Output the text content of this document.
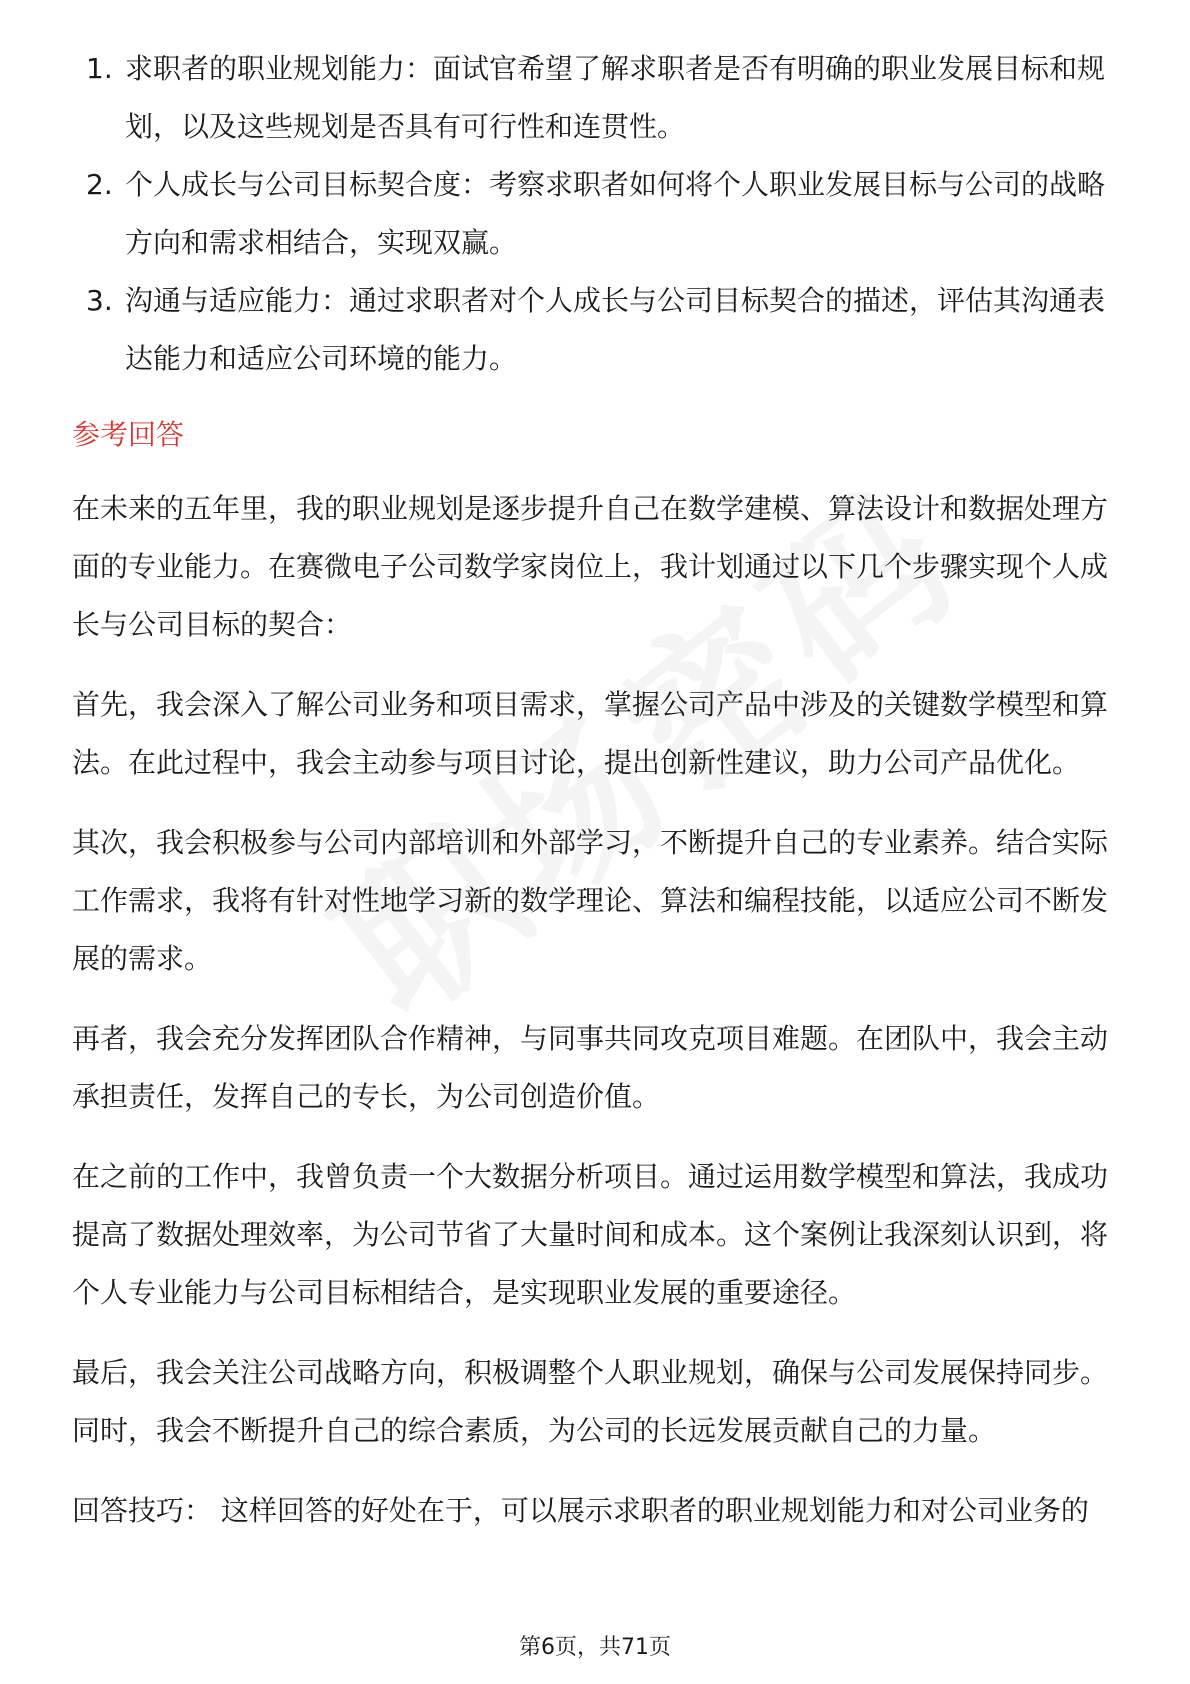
1. 求职者的职业规划能力：面试官希望了解求职者是否有明确的职业发展目标和规划，以及这些规划是否具有可行性和连贯性。
2. 个人成长与公司目标契合度：考察求职者如何将个人职业发展目标与公司的战略方向和需求相结合，实现双赢。
3. 沟通与适应能力：通过求职者对个人成长与公司目标契合的描述，评估其沟通表达能力和适应公司环境的能力。
参考回答

在未来的五年里，我的职业规划是逐步提升自己在数学建模、算法设计和数据处理方面的专业能力。在赛微电子公司数学家岗位上，我计划通过以下几个步骤实现个人成长与公司目标的契合：

首先，我会深入了解公司业务和项目需求，掌握公司产品中涉及的关键数学模型和算法。在此过程中，我会主动参与项目讨论，提出创新性建议，助力公司产品优化。

其次，我会积极参与公司内部培训和外部学习，不断提升自己的专业素养。结合实际工作需求，我将有针对性地学习新的数学理论、算法和编程技能，以适应公司不断发展的需求。

再者，我会充分发挥团队合作精神，与同事共同攻克项目难题。在团队中，我会主动承担责任，发挥自己的专长，为公司创造价值。

在之前的工作中，我曾负责一个大数据分析项目。通过运用数学模型和算法，我成功提高了数据处理效率，为公司节省了大量时间和成本。这个案例让我深刻认识到，将个人专业能力与公司目标相结合，是实现职业发展的重要途径。

最后，我会关注公司战略方向，积极调整个人职业规划，确保与公司发展保持同步。同时，我会不断提升自己的综合素质，为公司的长远发展贡献自己的力量。

回答技巧： 这样回答的好处在于，可以展示求职者的职业规划能力和对公司业务的

第6页，共71页
